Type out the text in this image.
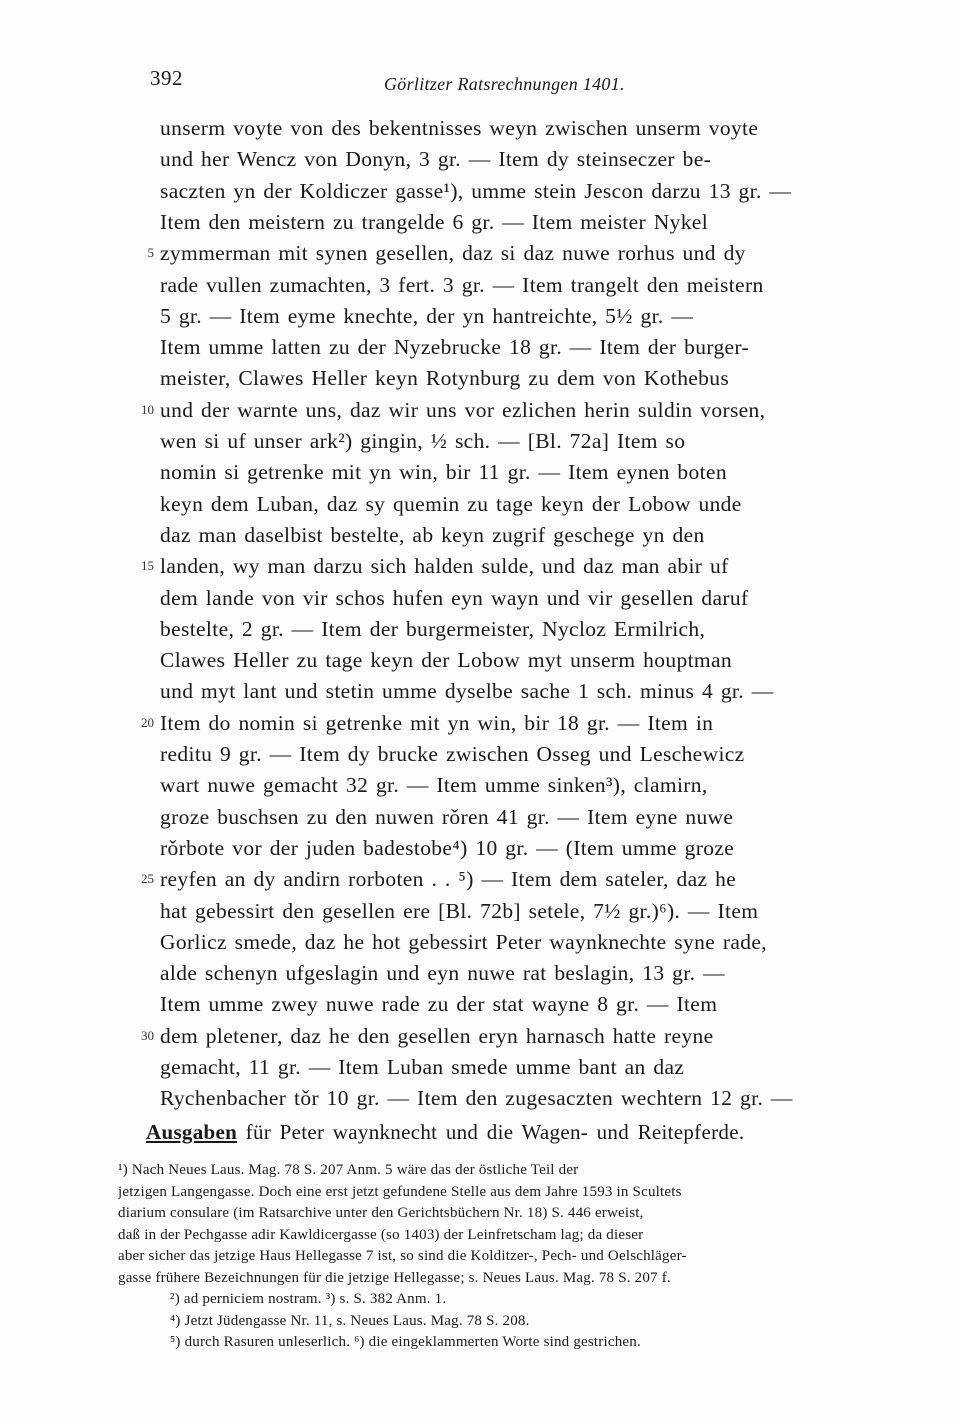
392	Görlitzer Ratsrechnungen 1401.
unserm voyte von des bekentnisses weyn zwischen unserm voyte
und her Wencz von Donyn, 3 gr. — Item dy steinseczer be-
saczten yn der Koldiczer gasse¹), umme stein Jescon darzu 13 gr. —
Item den meistern zu trangelde 6 gr. — Item meister Nykel
zymmerman mit synen gesellen, daz si daz nuwe rorhus und dy
5
rade vullen zumachten, 3 fert. 3 gr. — Item trangelt den meistern
5 gr. — Item eyme knechte, der yn hantreichte, 5½ gr. —
Item umme latten zu der Nyzebrucke 18 gr. — Item der burger-
meister, Clawes Heller keyn Rotynburg zu dem von Kothebus
und der warnte uns, daz wir uns vor ezlichen herin suldin vorsen,
10
wen si uf unser ark²) gingin, ½ sch. — [Bl. 72a] Item so
nomin si getrenke mit yn win, bir 11 gr. — Item eynen boten
keyn dem Luban, daz sy quemin zu tage keyn der Lobow unde
daz man daselbist bestelte, ab keyn zugrif geschege yn den
landen, wy man darzu sich halden sulde, und daz man abir uf
15
dem lande von vir schos hufen eyn wayn und vir gesellen daruf
bestelte, 2 gr. — Item der burgermeister, Nycloz Ermilrich,
Clawes Heller zu tage keyn der Lobow myt unserm houptman
und myt lant und stetin umme dyselbe sache 1 sch. minus 4 gr. —
Item do nomin si getrenke mit yn win, bir 18 gr. — Item in
20
reditu 9 gr. — Item dy brucke zwischen Osseg und Leschewicz
wart nuwe gemacht 32 gr. — Item umme sinken³), clamirn,
groze buschsen zu den nuwen rǒren 41 gr. — Item eyne nuwe
rǒrbote vor der juden badestobe⁴) 10 gr. — (Item umme groze
reyfen an dy andirn rorboten . . ⁵) — Item dem sateler, daz he
25
hat gebessirt den gesellen ere [Bl. 72b] setele, 7½ gr.)⁶). — Item
Gorlicz smede, daz he hot gebessirt Peter waynknechte syne rade,
alde schenyn ufgeslagin und eyn nuwe rat beslagin, 13 gr. —
Item umme zwey nuwe rade zu der stat wayne 8 gr. — Item
dem pletener, daz he den gesellen eryn harnasch hatte reyne
30
gemacht, 11 gr. — Item Luban smede umme bant an daz
Rychenbacher tǒr 10 gr. — Item den zugesaczten wechtern 12 gr. —
Ausgaben für Peter waynknecht und die Wagen- und Reitepferde.
¹) Nach Neues Laus. Mag. 78 S. 207 Anm. 5 wäre das der östliche Teil der
jetzigen Langengasse. Doch eine erst jetzt gefundene Stelle aus dem Jahre 1593 in Scultets
diarium consulare (im Ratsarchive unter den Gerichtsbüchern Nr. 18) S. 446 erweist,
daß in der Pechgasse adir Kawldicergasse (so 1403) der Leinfretscham lag; da dieser
aber sicher das jetzige Haus Hellegasse 7 ist, so sind die Kolditzer-, Pech- und Oelschläger-
gasse frühere Bezeichnungen für die jetzige Hellegasse; s. Neues Laus. Mag. 78 S. 207 f.
²) ad perniciem nostram. ³) s. S. 382 Anm. 1.
⁴) Jetzt Jüdengasse Nr. 11, s. Neues Laus. Mag. 78 S. 208.
⁵) durch Rasuren unleserlich. ⁶) die eingeklammerten Worte sind gestrichen.
